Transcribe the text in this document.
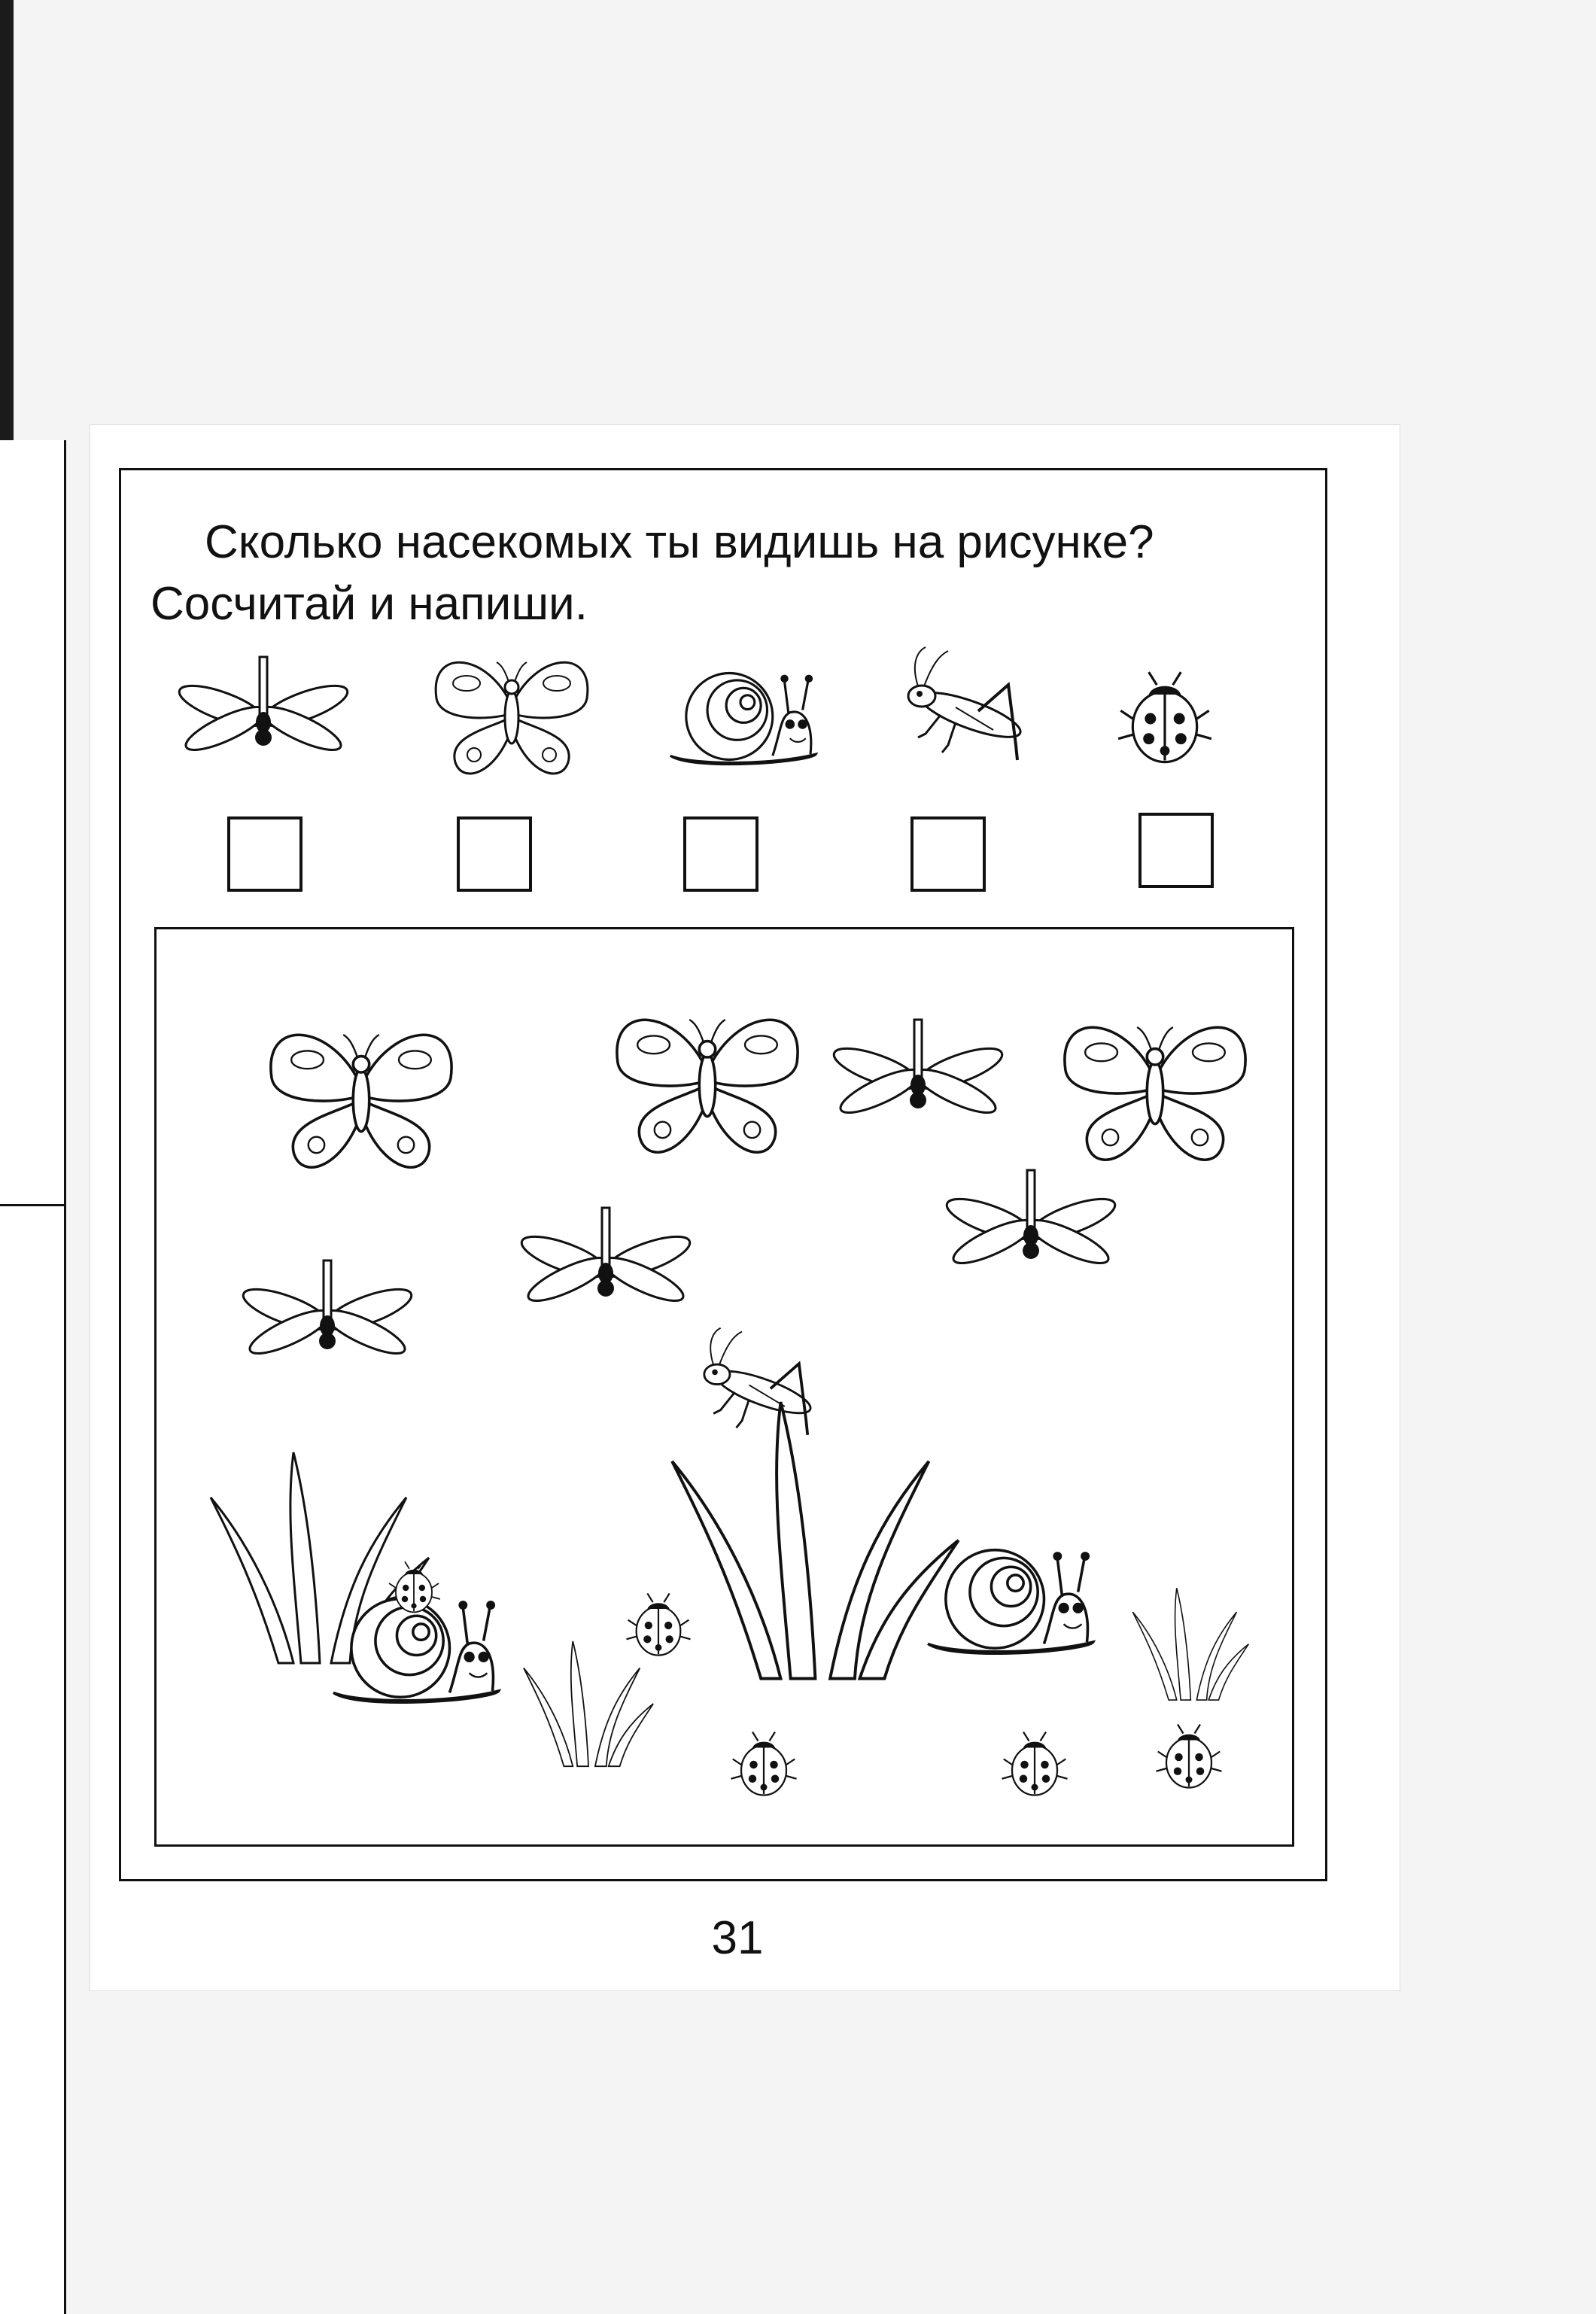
Сколько насекомых ты видишь на рисунке?
Сосчитай и напиши.
31
